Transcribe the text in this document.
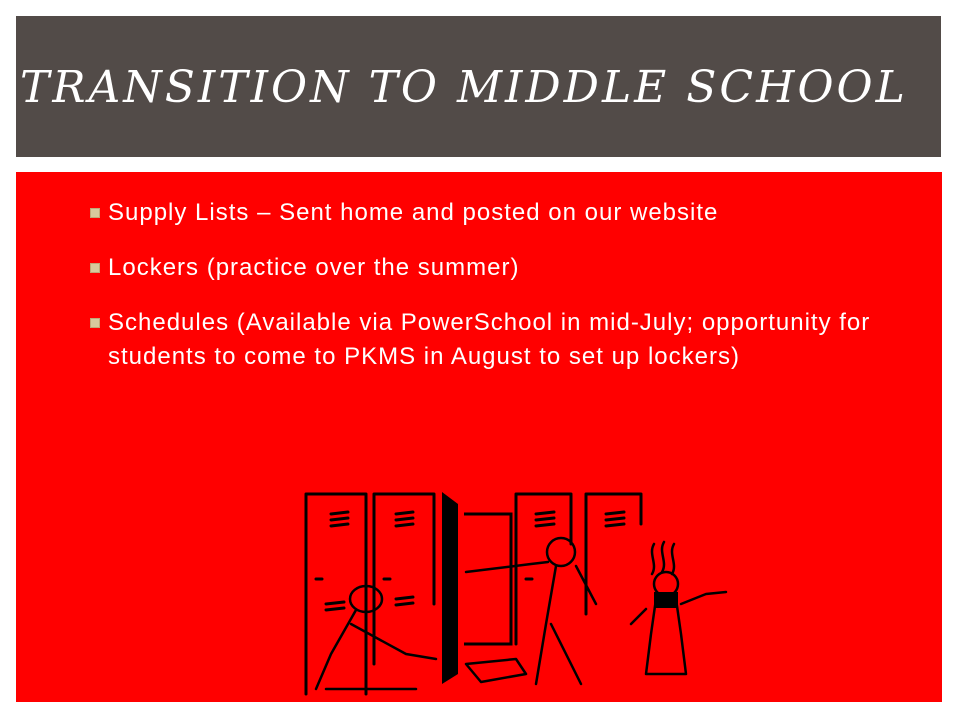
TRANSITION TO MIDDLE SCHOOL
Supply Lists – Sent home and posted on our website
Lockers (practice over the summer)
Schedules (Available via PowerSchool in mid-July; opportunity for students to come to PKMS in August to set up lockers)
